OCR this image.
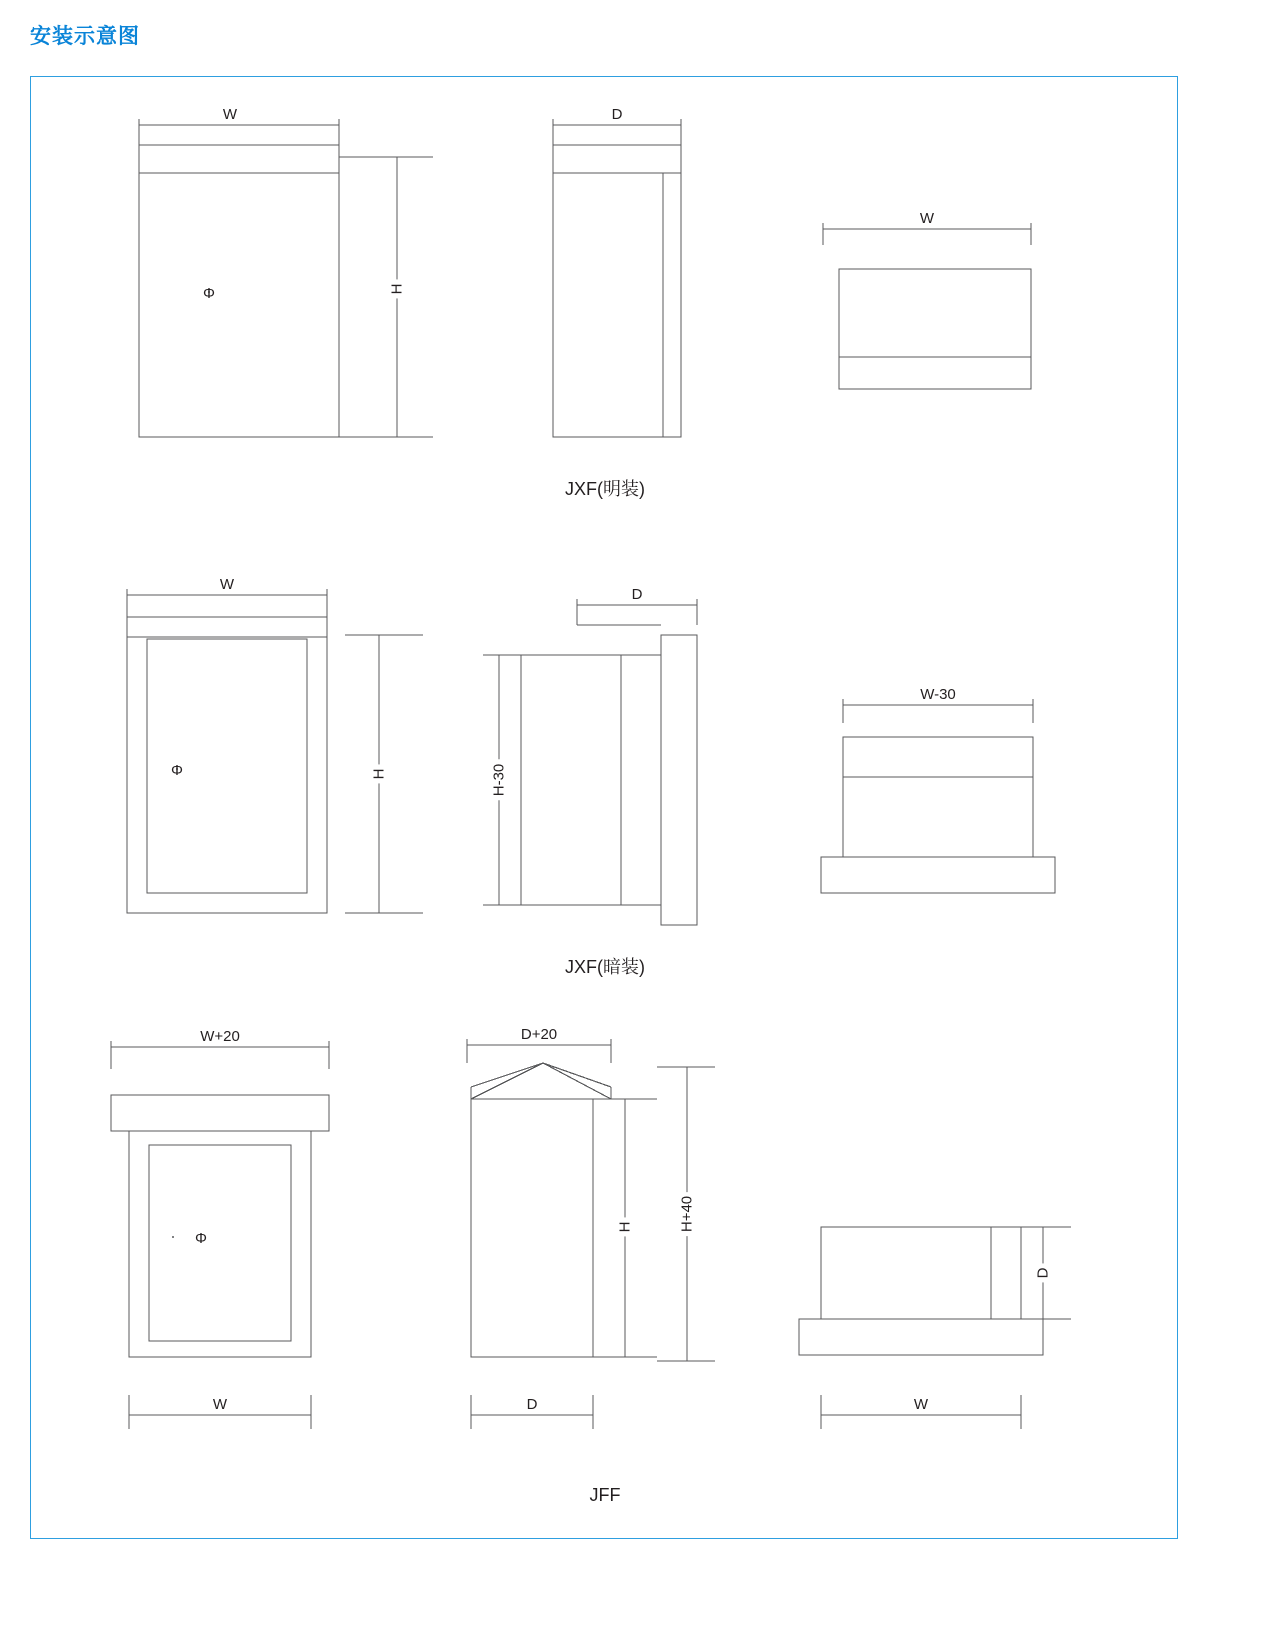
安装示意图
W
H
Φ
D
W
JXF(明装)
W
H
Φ
D
H-30
W-30
JXF(暗装)
W+20
W
Φ
D+20
H	H+40
D
D
W
JFF
